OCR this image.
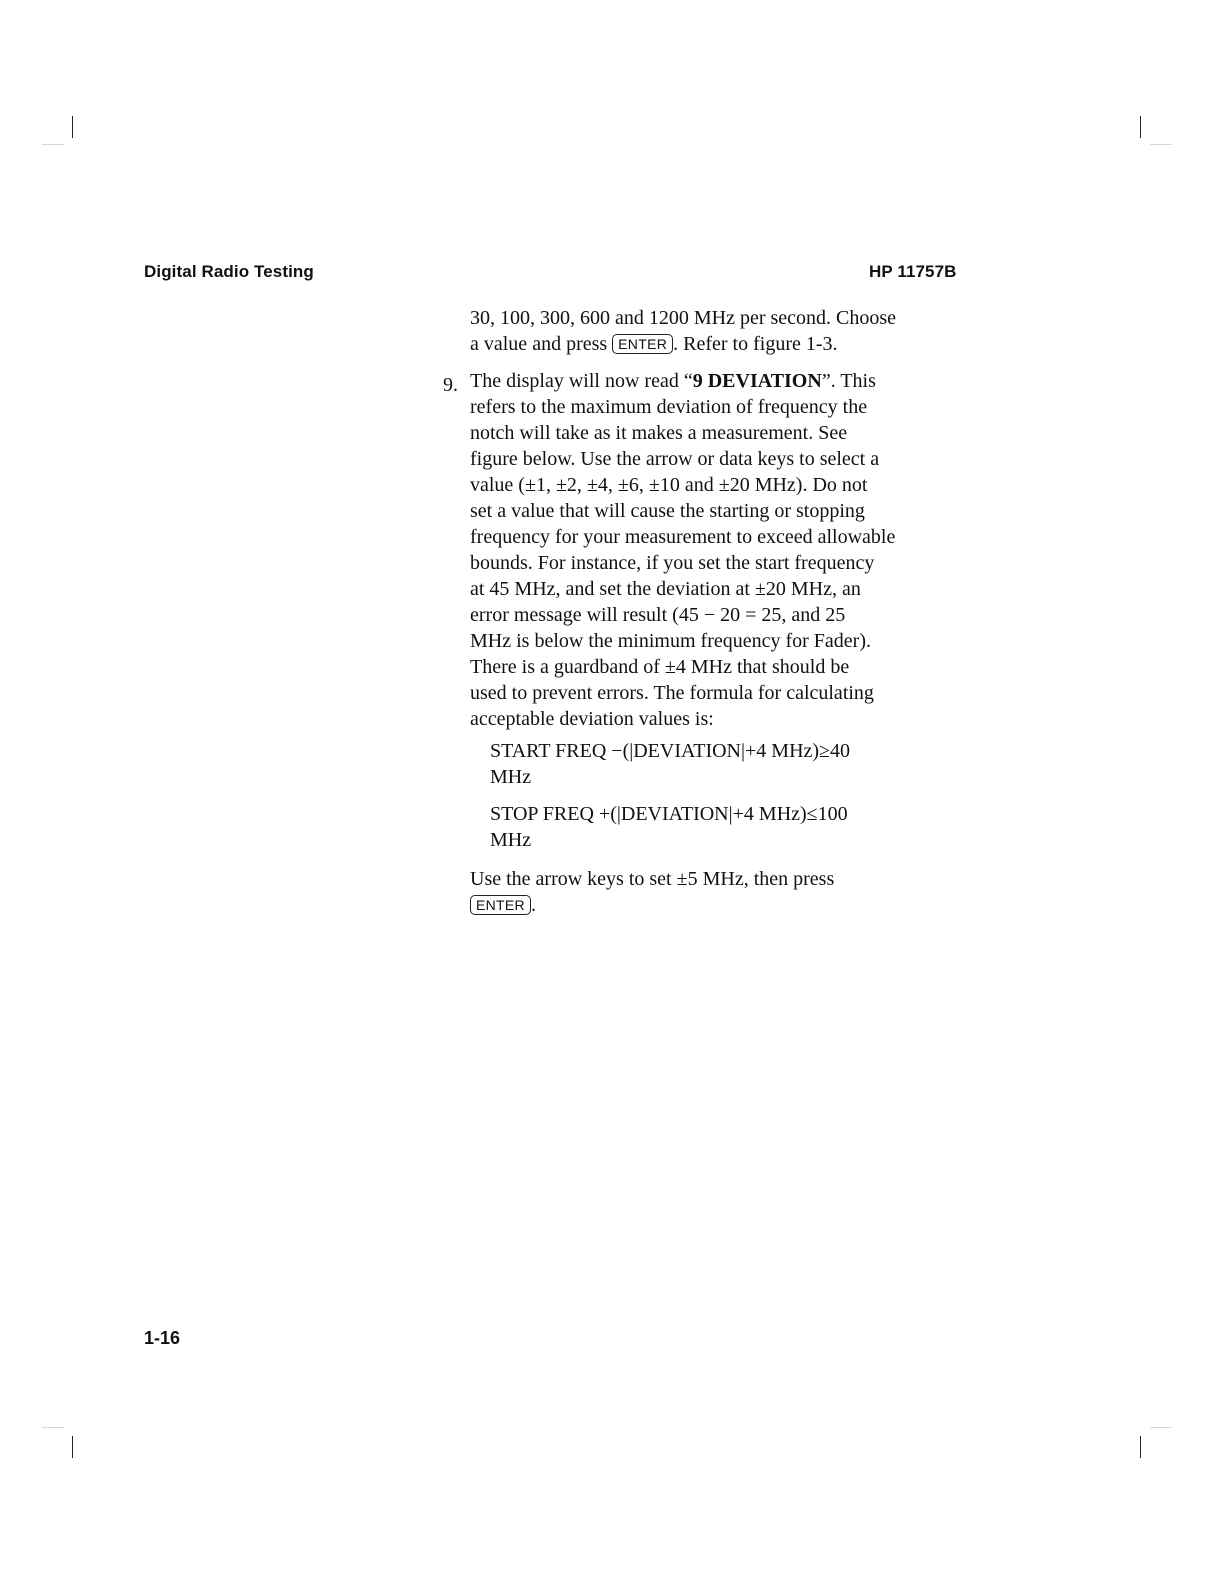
Digital Radio Testing	HP 11757B
30, 100, 300, 600 and 1200 MHz per second. Choose
a value and press ENTER . Refer to figure 1-3.
9. The display will now read “9 DEVIATION”. This
refers to the maximum deviation of frequency the
notch will take as it makes a measurement. See
figure below. Use the arrow or data keys to select a
value (±1, ±2, ±4, ±6, ±10 and ±20 MHz). Do not
set a value that will cause the starting or stopping
frequency for your measurement to exceed allowable
bounds. For instance, if you set the start frequency
at 45 MHz, and set the deviation at ±20 MHz, an
error message will result (45 − 20 = 25, and 25
MHz is below the minimum frequency for Fader).
There is a guardband of ±4 MHz that should be
used to prevent errors. The formula for calculating
acceptable deviation values is:
START FREQ −(|DEVIATION|+4 MHz)≥40
MHz
STOP FREQ +(|DEVIATION|+4 MHz)≤100
MHz
Use the arrow keys to set ±5 MHz, then press
ENTER .
1-16
